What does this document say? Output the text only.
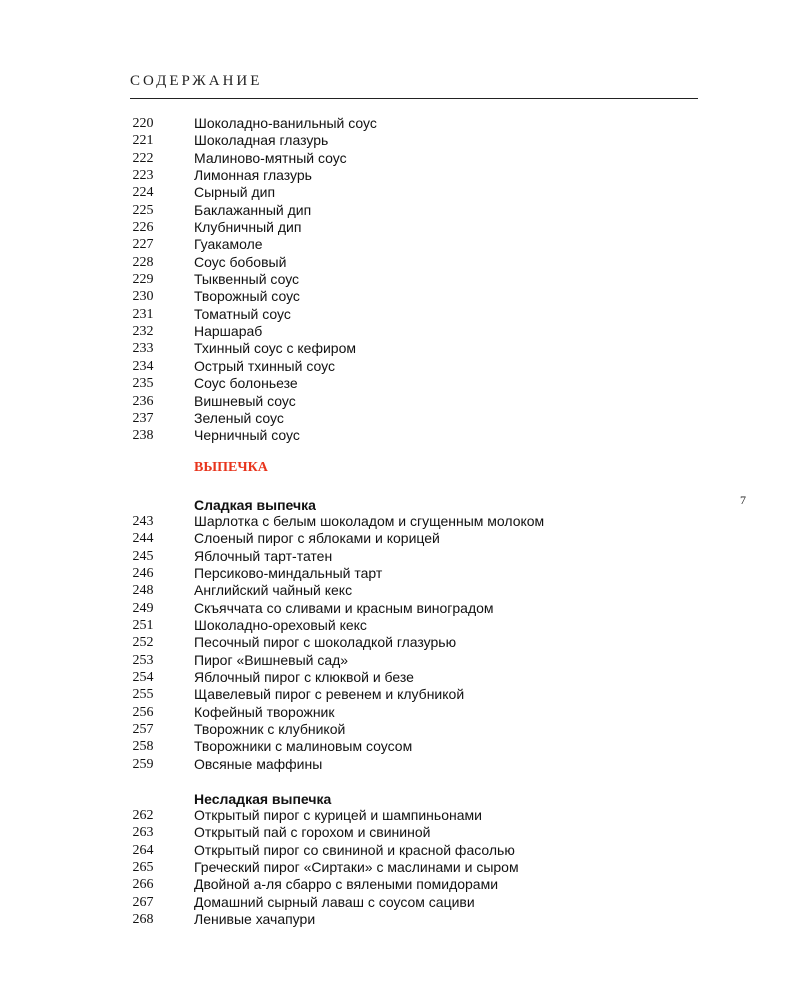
СОДЕРЖАНИЕ
220	Шоколадно-ванильный соус
221	Шоколадная глазурь
222	Малиново-мятный соус
223	Лимонная глазурь
224	Сырный дип
225	Баклажанный дип
226	Клубничный дип
227	Гуакамоле
228	Соус бобовый
229	Тыквенный соус
230	Творожный соус
231	Томатный соус
232	Наршараб
233	Тхинный соус с кефиром
234	Острый тхинный соус
235	Соус болоньезе
236	Вишневый соус
237	Зеленый соус
238	Черничный соус
ВЫПЕЧКА
Сладкая выпечка
243	Шарлотка с белым шоколадом и сгущенным молоком
244	Слоеный пирог с яблоками и корицей
245	Яблочный тарт-татен
246	Персиково-миндальный тарт
248	Английский чайный кекс
249	Скъяччата со сливами и красным виноградом
251	Шоколадно-ореховый кекс
252	Песочный пирог с шоколадкой глазурью
253	Пирог «Вишневый сад»
254	Яблочный пирог с клюквой и безе
255	Щавелевый пирог с ревенем и клубникой
256	Кофейный творожник
257	Творожник с клубникой
258	Творожники с малиновым соусом
259	Овсяные маффины
Несладкая выпечка
262	Открытый пирог с курицей и шампиньонами
263	Открытый пай с горохом и свининой
264	Открытый пирог со свининой и красной фасолью
265	Греческий пирог «Сиртаки» с маслинами и сыром
266	Двойной а-ля сбарро с вялеными помидорами
267	Домашний сырный лаваш с соусом сациви
268	Ленивые хачапури
7
